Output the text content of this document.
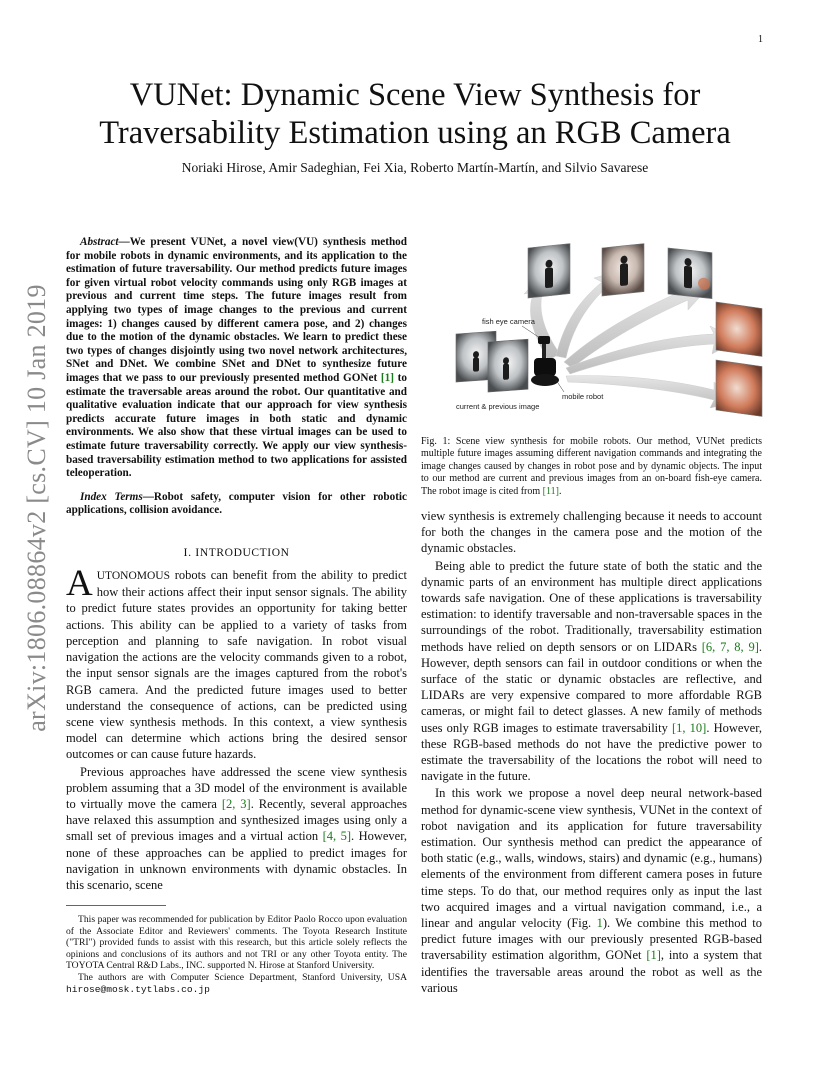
1
arXiv:1806.08864v2 [cs.CV] 10 Jan 2019
VUNet: Dynamic Scene View Synthesis for
Traversability Estimation using an RGB Camera
Noriaki Hirose, Amir Sadeghian, Fei Xia, Roberto Martín-Martín, and Silvio Savarese

Abstract—We present VUNet, a novel view(VU) synthesis method for mobile robots in dynamic environments, and its application to the estimation of future traversability. Our method predicts future images for given virtual robot velocity commands using only RGB images at previous and current time steps. The future images result from applying two types of image changes to the previous and current images: 1) changes caused by different camera pose, and 2) changes due to the motion of the dynamic obstacles. We learn to predict these two types of changes disjointly using two novel network architectures, SNet and DNet. We combine SNet and DNet to synthesize future images that we pass to our previously presented method GONet [1] to estimate the traversable areas around the robot. Our quantitative and qualitative evaluation indicate that our approach for view synthesis predicts accurate future images in both static and dynamic environments. We also show that these virtual images can be used to estimate future traversability correctly. We apply our view synthesis-based traversability estimation method to two applications for assisted teleoperation.

Index Terms—Robot safety, computer vision for other robotic applications, collision avoidance.

I. INTRODUCTION

AUTONOMOUS robots can benefit from the ability to predict how their actions affect their input sensor signals. The ability to predict future states provides an opportunity for taking better actions. This ability can be applied to a variety of tasks from perception and planning to safe navigation. In robot visual navigation the actions are the velocity commands given to a robot, the input sensor signals are the images captured from the robot's RGB camera. And the predicted future images used to better understand the consequence of actions, can be predicted using scene view synthesis methods. In this context, a view synthesis model can determine which actions bring the desired sensor outcomes or can cause future hazards.

Previous approaches have addressed the scene view synthesis problem assuming that a 3D model of the environment is available to virtually move the camera [2, 3]. Recently, several approaches have relaxed this assumption and synthesized images using only a small set of previous images and a virtual action [4, 5]. However, none of these approaches can be applied to predict images for navigation in unknown environments with dynamic obstacles. In this scenario, scene

This paper was recommended for publication by Editor Paolo Rocco upon evaluation of the Associate Editor and Reviewers' comments. The Toyota Research Institute ("TRI") provided funds to assist with this research, but this article solely reflects the opinions and conclusions of its authors and not TRI or any other Toyota entity. The TOYOTA Central R&D Labs., INC. supported N. Hirose at Stanford University.

The authors are with Computer Science Department, Stanford University, USA hirose@mosk.tytlabs.co.jp

fish eye camera
current & previous image
mobile robot
Fig. 1: Scene view synthesis for mobile robots. Our method, VUNet predicts multiple future images assuming different navigation commands and integrating the image changes caused by changes in robot pose and by dynamic objects. The input to our method are current and previous images from an on-board fish-eye camera. The robot image is cited from [11].

view synthesis is extremely challenging because it needs to account for both the changes in the camera pose and the motion of the dynamic obstacles.

Being able to predict the future state of both the static and the dynamic parts of an environment has multiple direct applications towards safe navigation. One of these applications is traversability estimation: to identify traversable and non-traversable spaces in the surroundings of the robot. Traditionally, traversability estimation methods have relied on depth sensors or on LIDARs [6, 7, 8, 9]. However, depth sensors can fail in outdoor conditions or when the surface of the static or dynamic obstacles are reflective, and LIDARs are very expensive compared to more affordable RGB cameras, or might fail to detect glasses. A new family of methods uses only RGB images to estimate traversability [1, 10]. However, these RGB-based methods do not have the predictive power to estimate the traversability of the locations the robot will need to navigate in the future.

In this work we propose a novel deep neural network-based method for dynamic-scene view synthesis, VUNet in the context of robot navigation and its application for future traversability estimation. Our synthesis method can predict the appearance of both static (e.g., walls, windows, stairs) and dynamic (e.g., humans) elements of the environment from different camera poses in future time steps. To do that, our method requires only as input the last two acquired images and a virtual navigation command, i.e., a linear and angular velocity (Fig. 1). We combine this method to predict future images with our previously presented RGB-based traversability estimation algorithm, GONet [1], into a system that identifies the traversable areas around the robot as well as the various
